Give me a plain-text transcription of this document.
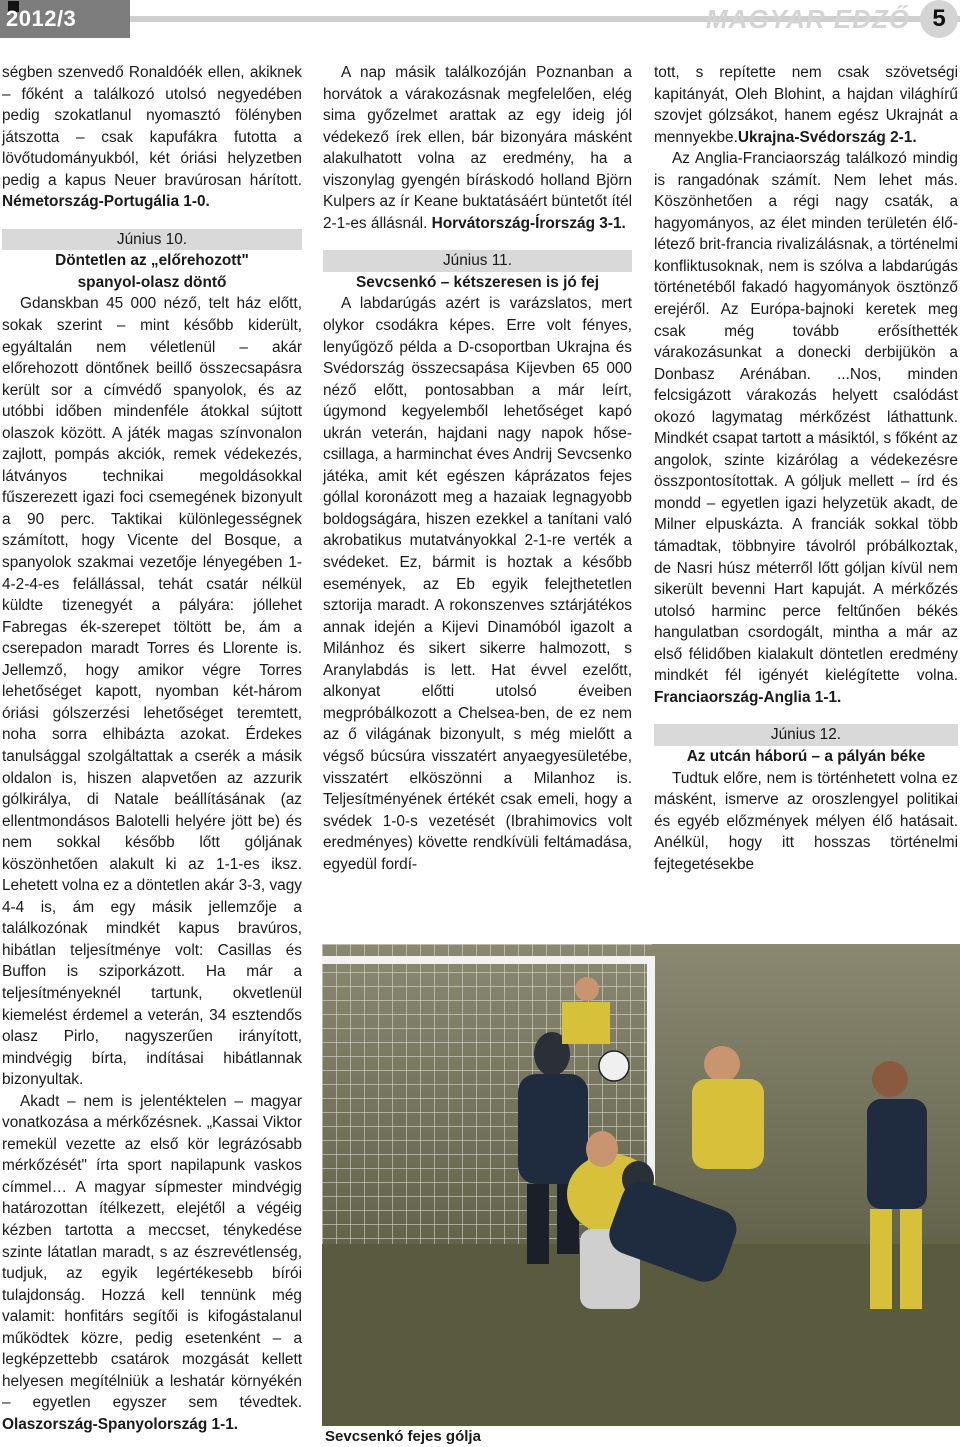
2012/3	MAGYAR EDZŐ 5

ségben szenvedő Ronaldóék ellen, akiknek – főként a találkozó utolsó negyedében pedig szokatlanul nyomasztó fölényben játszotta – csak kapufákra futotta a lövőtudományukból, két óriási helyzetben pedig a kapus Neuer bravúrosan hárított. Németország-Portugália 1-0.

Június 10.
Döntetlen az „előrehozott"
spanyol-olasz döntő

Gdanskban 45 000 néző, telt ház előtt, sokak szerint – mint később kiderült, egyáltalán nem véletlenül – akár előrehozott döntőnek beillő összecsapásra került sor a címvédő spanyolok, és az utóbbi időben mindenféle átokkal sújtott olaszok között. A játék magas színvonalon zajlott, pompás akciók, remek védekezés, látványos technikai megoldásokkal fűszerezett igazi foci csemegének bizonyult a 90 perc. Taktikai különlegességnek számított, hogy Vicente del Bosque, a spanyolok szakmai vezetője lényegében 1-4-2-4-es felállással, tehát csatár nélkül küldte tizenegyét a pályára: jóllehet Fabregas ék-szerepet töltött be, ám a cserepadon maradt Torres és Llorente is. Jellemző, hogy amikor végre Torres lehetőséget kapott, nyomban két-három óriási gólszerzési lehetőséget teremtett, noha sorra elhibázta azokat. Érdekes tanulsággal szolgáltattak a cserék a másik oldalon is, hiszen alapvetően az azzurik gólkirálya, di Natale beállításának (az ellentmondásos Balotelli helyére jött be) és nem sokkal később lőtt góljának köszönhetően alakult ki az 1-1-es iksz. Lehetett volna ez a döntetlen akár 3-3, vagy 4-4 is, ám egy másik jellemzője a találkozónak mindkét kapus bravúros, hibátlan teljesítménye volt: Casillas és Buffon is sziporkázott. Ha már a teljesítményeknél tartunk, okvetlenül kiemelést érdemel a veterán, 34 esztendős olasz Pirlo, nagyszerűen irányított, mindvégig bírta, indításai hibátlannak bizonyultak.

Akadt – nem is jelentéktelen – magyar vonatkozása a mérkőzésnek. „Kassai Viktor remekül vezette az első kör legrázósabb mérkőzését" írta sport napilapunk vaskos címmel… A magyar sípmester mindvégig határozottan ítélkezett, elejétől a végéig kézben tartotta a meccset, ténykedése szinte látatlan maradt, s az észrevétlenség, tudjuk, az egyik legértékesebb bírói tulajdonság. Hozzá kell tennünk még valamit: honfitárs segítői is kifogástalanul működtek közre, pedig esetenként – a legképzettebb csatárok mozgását kellett helyesen megítélniük a leshatár környékén – egyetlen egyszer sem tévedtek. Olaszország-Spanyolország 1-1.

A nap másik találkozóján Poznanban a horvátok a várakozásnak megfelelően, elég sima győzelmet arattak az egy ideig jól védekező írek ellen, bár bizonyára másként alakulhatott volna az eredmény, ha a viszonylag gyengén bíráskodó holland Björn Kulpers az ír Keane buktatásáért büntetőt ítél 2-1-es állásnál. Horvátország-Írország 3-1.

Június 11.
Sevcsenkó – kétszeresen is jó fej

A labdarúgás azért is varázslatos, mert olykor csodákra képes. Erre volt fényes, lenyűgöző példa a D-csoportban Ukrajna és Svédország összecsapása Kijevben 65 000 néző előtt, pontosabban a már leírt, úgymond kegyelemből lehetőséget kapó ukrán veterán, hajdani nagy napok hőse-csillaga, a harminchat éves Andrij Sevcsenko játéka, amit két egészen káprázatos fejes góllal koronázott meg a hazaiak legnagyobb boldogságára, hiszen ezekkel a tanítani való akrobatikus mutatványokkal 2-1-re verték a svédeket. Ez, bármit is hoztak a később események, az Eb egyik felejthetetlen sztorija maradt. A rokonszenves sztárjátékos annak idején a Kijevi Dinamóból igazolt a Milánhoz és sikert sikerre halmozott, s Aranylabdás is lett. Hat évvel ezelőtt, alkonyat előtti utolsó éveiben megpróbálkozott a Chelsea-ben, de ez nem az ő világának bizonyult, s még mielőtt a végső búcsúra visszatért anyaegyesületébe, visszatért elköszönni a Milanhoz is. Teljesítményének értékét csak emeli, hogy a svédek 1-0-s vezetését (Ibrahimovics volt eredményes) követte rendkívüli feltámadása, egyedül fordí-

tott, s repítette nem csak szövetségi kapitányát, Oleh Blohint, a hajdan világhírű szovjet gólzsákot, hanem egész Ukrajnát a mennyekbe.Ukrajna-Svédország 2-1.

Az Anglia-Franciaország találkozó mindig is rangadónak számít. Nem lehet más. Köszönhetően a régi nagy csaták, a hagyományos, az élet minden területén élő-létező brit-francia rivalizálásnak, a történelmi konfliktusoknak, nem is szólva a labdarúgás történetéből fakadó hagyományok ösztönző erejéről. Az Európa-bajnoki keretek meg csak még tovább erősíthették várakozásunkat a donecki derbijükön a Donbasz Arénában. ...Nos, minden felcsigázott várakozás helyett csalódást okozó lagymatag mérkőzést láthattunk. Mindkét csapat tartott a másiktól, s főként az angolok, szinte kizárólag a védekezésre összpontosítottak. A góljuk mellett – írd és mondd – egyetlen igazi helyzetük akadt, de Milner elpuskázta. A franciák sokkal több támadtak, többnyire távolról próbálkoztak, de Nasri húsz méterről lőtt góljan kívül nem sikerült bevenni Hart kapuját. A mérkőzés utolsó harminc perce feltűnően békés hangulatban csordogált, mintha a már az első félidőben kialakult döntetlen eredmény mindkét fél igényét kielégítette volna. Franciaország-Anglia 1-1.

Június 12.
Az utcán háború – a pályán béke

Tudtuk előre, nem is történhetett volna ez másként, ismerve az oroszlengyel politikai és egyéb előzmények mélyen élő hatásait. Anélkül, hogy itt hosszas történelmi fejtegetésekbe

Sevcsenkó fejes gólja
